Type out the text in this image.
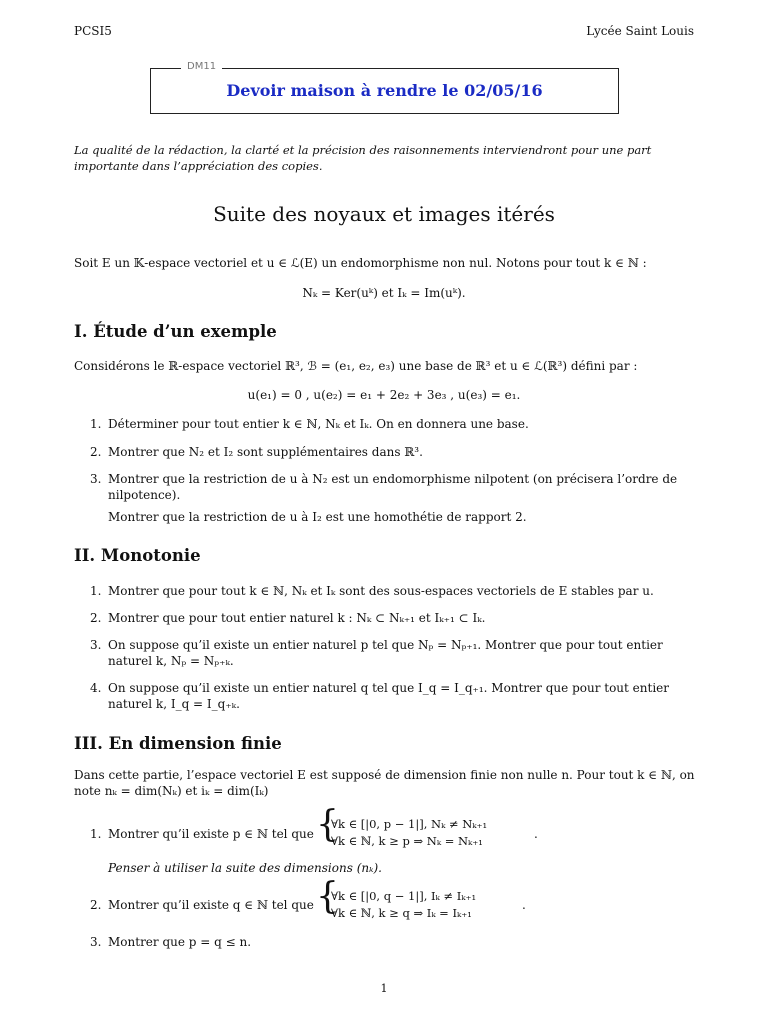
PCSI5	Lycée Saint Louis
DM11
Devoir maison à rendre le 02/05/16
La qualité de la rédaction, la clarté et la précision des raisonnements interviendront pour une part importante dans l’appréciation des copies.
Suite des noyaux et images itérés
Soit E un 𝕂-espace vectoriel et u ∈ ℒ(E) un endomorphisme non nul. Notons pour tout k ∈ ℕ :
Nₖ = Ker(uᵏ) et Iₖ = Im(uᵏ).
I. Étude d’un exemple
Considérons le ℝ-espace vectoriel ℝ³, ℬ = (e₁, e₂, e₃) une base de ℝ³ et u ∈ ℒ(ℝ³) défini par :
u(e₁) = 0 , u(e₂) = e₁ + 2e₂ + 3e₃ , u(e₃) = e₁.
1. Déterminer pour tout entier k ∈ ℕ, Nₖ et Iₖ. On en donnera une base.
2. Montrer que N₂ et I₂ sont supplémentaires dans ℝ³.
3. Montrer que la restriction de u à N₂ est un endomorphisme nilpotent (on précisera l’ordre de nilpotence).
Montrer que la restriction de u à I₂ est une homothétie de rapport 2.
II. Monotonie
1. Montrer que pour tout k ∈ ℕ, Nₖ et Iₖ sont des sous-espaces vectoriels de E stables par u.
2. Montrer que pour tout entier naturel k : Nₖ ⊂ Nₖ₊₁ et Iₖ₊₁ ⊂ Iₖ.
3. On suppose qu’il existe un entier naturel p tel que Nₚ = Nₚ₊₁. Montrer que pour tout entier naturel k, Nₚ = Nₚ₊ₖ.
4. On suppose qu’il existe un entier naturel q tel que I_q = I_q₊₁. Montrer que pour tout entier naturel k, I_q = I_q₊ₖ.
III. En dimension finie
Dans cette partie, l’espace vectoriel E est supposé de dimension finie non nulle n. Pour tout k ∈ ℕ, on note nₖ = dim(Nₖ) et iₖ = dim(Iₖ)
1. Montrer qu’il existe p ∈ ℕ tel que {
∀k ∈ [|0, p − 1|], Nₖ ≠ Nₖ₊₁
∀k ∈ ℕ, k ≥ p ⇒ Nₖ = Nₖ₊₁	.
Penser à utiliser la suite des dimensions (nₖ).
2. Montrer qu’il existe q ∈ ℕ tel que {
∀k ∈ [|0, q − 1|], Iₖ ≠ Iₖ₊₁
∀k ∈ ℕ, k ≥ q ⇒ Iₖ = Iₖ₊₁
.
3. Montrer que p = q ≤ n.
1
